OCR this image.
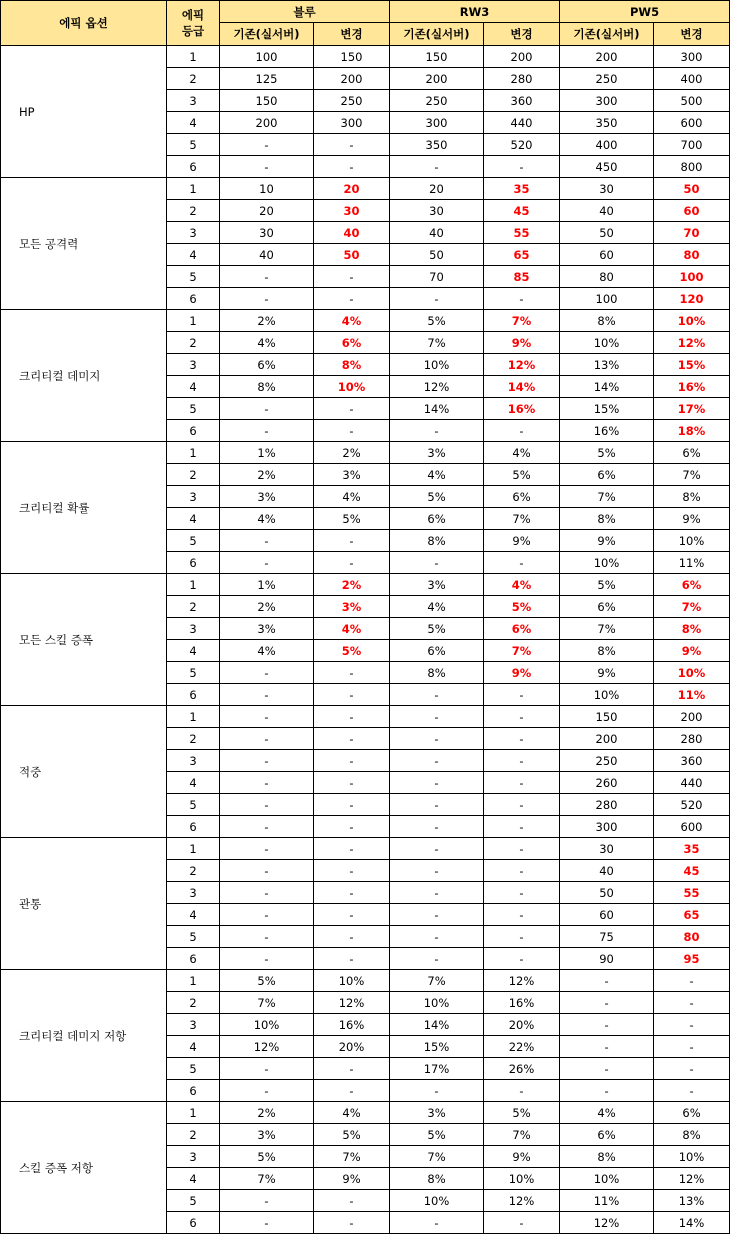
에픽 옵션	에픽
등급	블루		RW3		PW5	
		기존(실서버)	변경	기존(실서버)	변경	기존(실서버)	변경
HP	1	100	150	150	200	200	300
	2	125	200	200	280	250	400
	3	150	250	250	360	300	500
	4	200	300	300	440	350	600
	5	-	-	350	520	400	700
	6	-	-	-	-	450	800
모든 공격력	1	10	20	20	35	30	50
	2	20	30	30	45	40	60
	3	30	40	40	55	50	70
	4	40	50	50	65	60	80
	5	-	-	70	85	80	100
	6	-	-	-	-	100	120
크리티컬 데미지	1	2%	4%	5%	7%	8%	10%
	2	4%	6%	7%	9%	10%	12%
	3	6%	8%	10%	12%	13%	15%
	4	8%	10%	12%	14%	14%	16%
	5	-	-	14%	16%	15%	17%
	6	-	-	-	-	16%	18%
크리티컬 확률	1	1%	2%	3%	4%	5%	6%
	2	2%	3%	4%	5%	6%	7%
	3	3%	4%	5%	6%	7%	8%
	4	4%	5%	6%	7%	8%	9%
	5	-	-	8%	9%	9%	10%
	6	-	-	-	-	10%	11%
모든 스킬 증폭	1	1%	2%	3%	4%	5%	6%
	2	2%	3%	4%	5%	6%	7%
	3	3%	4%	5%	6%	7%	8%
	4	4%	5%	6%	7%	8%	9%
	5	-	-	8%	9%	9%	10%
	6	-	-	-	-	10%	11%
적중	1	-	-	-	-	150	200
	2	-	-	-	-	200	280
	3	-	-	-	-	250	360
	4	-	-	-	-	260	440
	5	-	-	-	-	280	520
	6	-	-	-	-	300	600
관통	1	-	-	-	-	30	35
	2	-	-	-	-	40	45
	3	-	-	-	-	50	55
	4	-	-	-	-	60	65
	5	-	-	-	-	75	80
	6	-	-	-	-	90	95
크리티컬 데미지 저항	1	5%	10%	7%	12%	-	-
	2	7%	12%	10%	16%	-	-
	3	10%	16%	14%	20%	-	-
	4	12%	20%	15%	22%	-	-
	5	-	-	17%	26%	-	-
	6	-	-	-	-	-	-
스킬 증폭 저항	1	2%	4%	3%	5%	4%	6%
	2	3%	5%	5%	7%	6%	8%
	3	5%	7%	7%	9%	8%	10%
	4	7%	9%	8%	10%	10%	12%
	5	-	-	10%	12%	11%	13%
	6	-	-	-	-	12%	14%
